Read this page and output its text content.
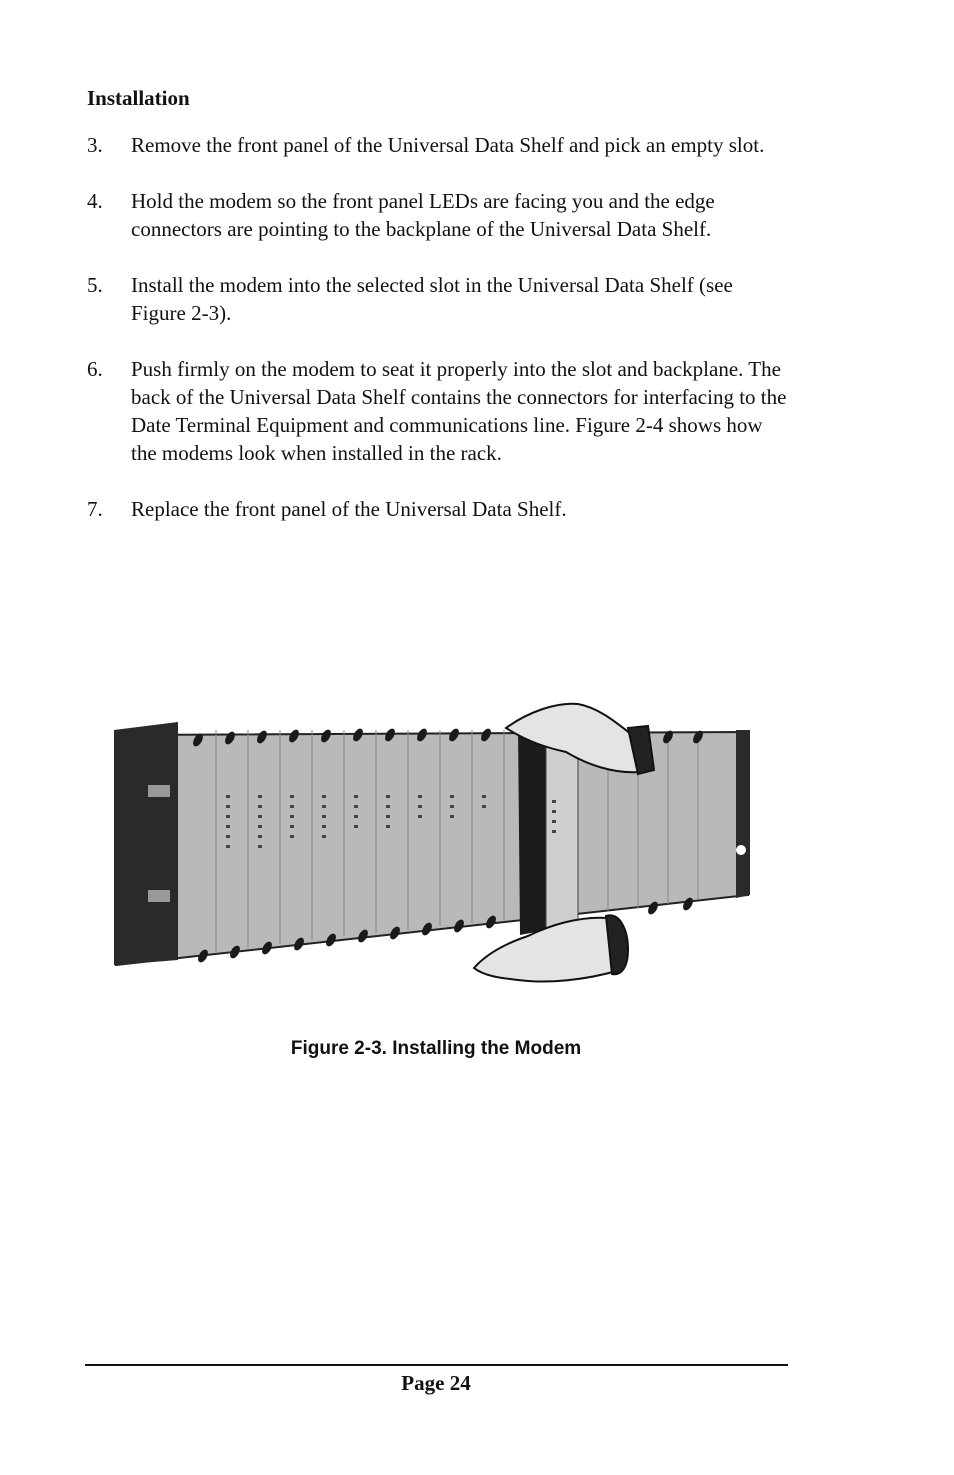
Installation
3. Remove the front panel of the Universal Data Shelf and pick an empty slot.
4. Hold the modem so the front panel LEDs are facing you and the edge connectors are pointing to the backplane of the Universal Data Shelf.
5. Install the modem into the selected slot in the Universal Data Shelf (see Figure 2-3).
6. Push firmly on the modem to seat it properly into the slot and backplane. The back of the Universal Data Shelf contains the connectors for interfacing to the Date Terminal Equipment and communications line. Figure 2-4 shows how the modems look when installed in the rack.
7. Replace the front panel of the Universal Data Shelf.
Figure 2-3. Installing the Modem
Page 24
